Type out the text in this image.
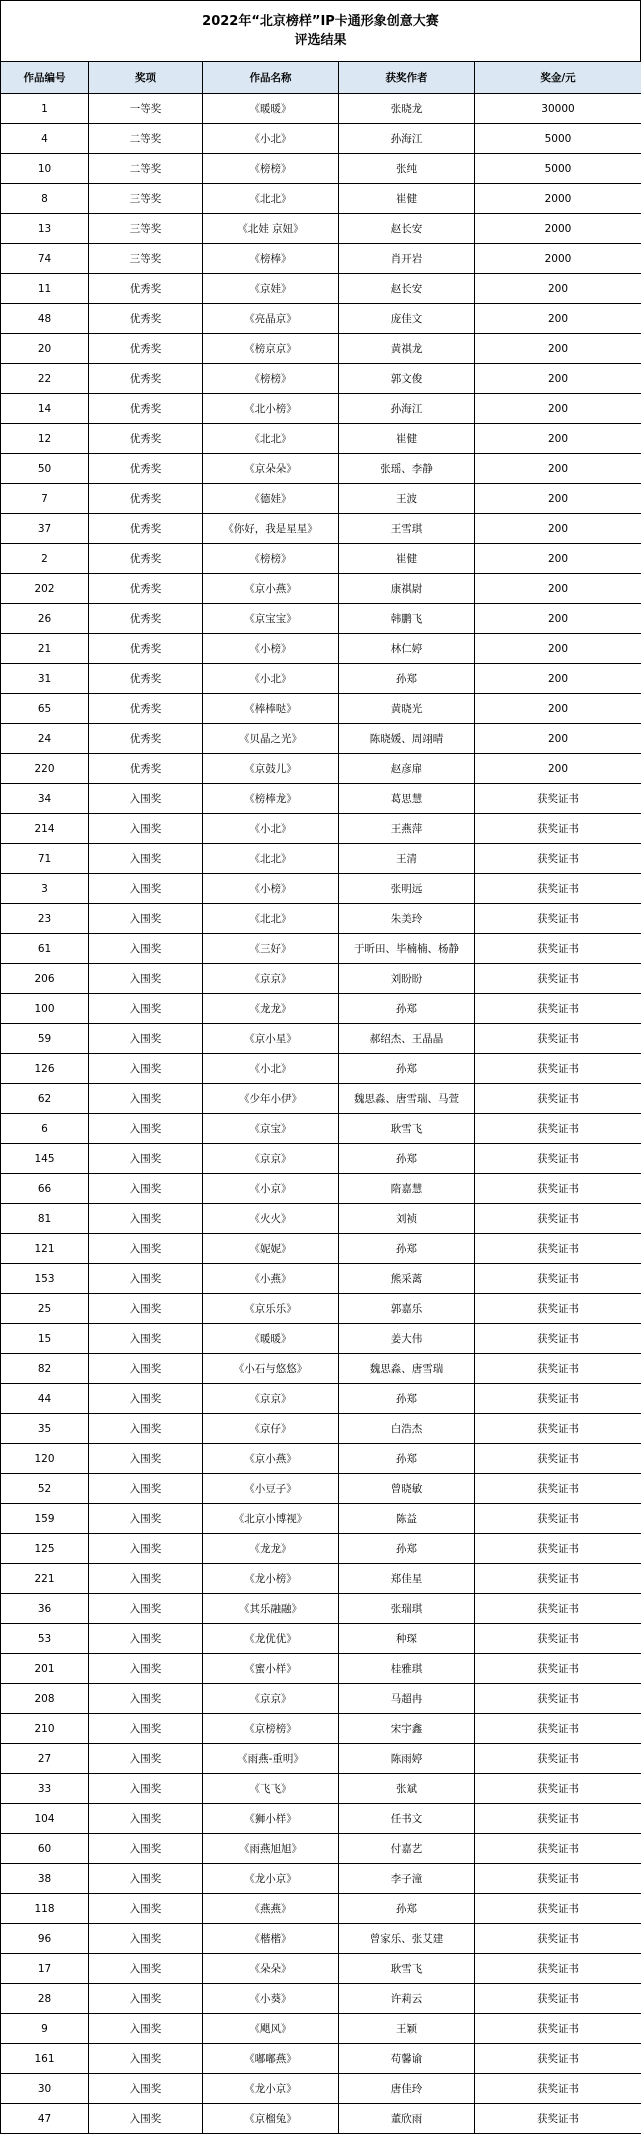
2022年“北京榜样”IP卡通形象创意大赛
评选结果
作品编号	奖项	作品名称	获奖作者	奖金/元
1	一等奖	《暖暖》	张晓龙	30000
4	二等奖	《小北》	孙海江	5000
10	二等奖	《榜榜》	张纯	5000
8	三等奖	《北北》	崔健	2000
13	三等奖	《北娃 京妞》	赵长安	2000
74	三等奖	《榜棒》	肖开岩	2000
11	优秀奖	《京娃》	赵长安	200
48	优秀奖	《亮晶京》	庞佳文	200
20	优秀奖	《榜京京》	黄祺龙	200
22	优秀奖	《榜榜》	郭文俊	200
14	优秀奖	《北小榜》	孙海江	200
12	优秀奖	《北北》	崔健	200
50	优秀奖	《京朵朵》	张瑶、李静	200
7	优秀奖	《德娃》	王波	200
37	优秀奖	《你好，我是星星》	王雪琪	200
2	优秀奖	《榜榜》	崔健	200
202	优秀奖	《京小燕》	康祺尉	200
26	优秀奖	《京宝宝》	韩鹏飞	200
21	优秀奖	《小榜》	林仁婷	200
31	优秀奖	《小北》	孙郑	200
65	优秀奖	《棒棒哒》	黄晓光	200
24	优秀奖	《贝晶之光》	陈晓媛、周翊晴	200
220	优秀奖	《京鼓儿》	赵彦扉	200
34	入围奖	《榜棒龙》	葛思慧	获奖证书
214	入围奖	《小北》	王燕萍	获奖证书
71	入围奖	《北北》	王清	获奖证书
3	入围奖	《小榜》	张明远	获奖证书
23	入围奖	《北北》	朱美玲	获奖证书
61	入围奖	《三好》	于昕田、毕楠楠、杨静	获奖证书
206	入围奖	《京京》	刘盼盼	获奖证书
100	入围奖	《龙龙》	孙郑	获奖证书
59	入围奖	《京小星》	郝绍杰、王晶晶	获奖证书
126	入围奖	《小北》	孙郑	获奖证书
62	入围奖	《少年小伊》	魏思淼、唐雪瑞、马萱	获奖证书
6	入围奖	《京宝》	耿雪飞	获奖证书
145	入围奖	《京京》	孙郑	获奖证书
66	入围奖	《小京》	隋嘉慧	获奖证书
81	入围奖	《火火》	刘祯	获奖证书
121	入围奖	《妮妮》	孙郑	获奖证书
153	入围奖	《小燕》	熊采蓠	获奖证书
25	入围奖	《京乐乐》	郭嘉乐	获奖证书
15	入围奖	《暖暖》	姜大伟	获奖证书
82	入围奖	《小石与悠悠》	魏思淼、唐雪瑞	获奖证书
44	入围奖	《京京》	孙郑	获奖证书
35	入围奖	《京仔》	白浩杰	获奖证书
120	入围奖	《京小燕》	孙郑	获奖证书
52	入围奖	《小豆子》	曾晓敏	获奖证书
159	入围奖	《北京小博视》	陈益	获奖证书
125	入围奖	《龙龙》	孙郑	获奖证书
221	入围奖	《龙小榜》	郑佳星	获奖证书
36	入围奖	《其乐融融》	张瑞琪	获奖证书
53	入围奖	《龙优优》	种琛	获奖证书
201	入围奖	《蜜小样》	桂雅琪	获奖证书
208	入围奖	《京京》	马超冉	获奖证书
210	入围奖	《京榜榜》	宋宇鑫	获奖证书
27	入围奖	《雨燕-重明》	陈雨婷	获奖证书
33	入围奖	《飞飞》	张斌	获奖证书
104	入围奖	《狮小样》	任书文	获奖证书
60	入围奖	《雨燕旭旭》	付嘉艺	获奖证书
38	入围奖	《龙小京》	李子潼	获奖证书
118	入围奖	《燕燕》	孙郑	获奖证书
96	入围奖	《楷楷》	曾家乐、张艾建	获奖证书
17	入围奖	《朵朵》	耿雪飞	获奖证书
28	入围奖	《小葵》	许莉云	获奖证书
9	入围奖	《飓风》	王颖	获奖证书
161	入围奖	《嘟嘟燕》	苟馨谕	获奖证书
30	入围奖	《龙小京》	唐佳玲	获奖证书
47	入围奖	《京榴兔》	董欣雨	获奖证书
